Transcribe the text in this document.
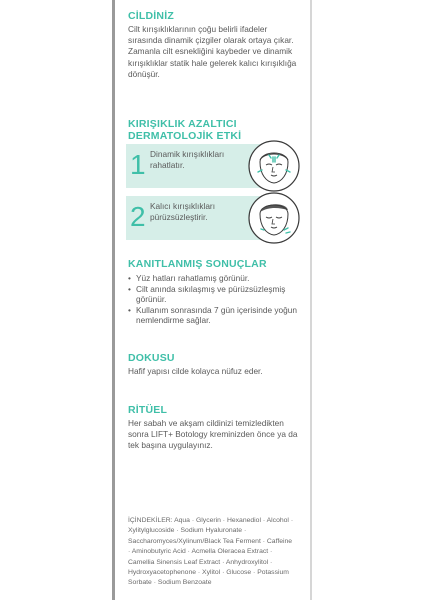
CİLDİNİZ

Cilt kırışıklıklarının çoğu belirli ifadeler sırasında dinamik çizgiler olarak ortaya çıkar. Zamanla cilt esnekliğini kaybeder ve dinamik kırışıklıklar statik hale gelerek kalıcı kırışıklığa dönüşür.

KIRIŞIKLIK AZALTICI
DERMATOLOJİK ETKİ
1 Dinamik kırışıklıkları rahatlatır.
2 Kalıcı kırışıklıkları pürüzsüzleştirir.
KANITLANMIŞ SONUÇLAR
• Yüz hatları rahatlamış görünür.
• Cilt anında sıkılaşmış ve pürüzsüzleşmiş görünür.
• Kullanım sonrasında 7 gün içerisinde yoğun nemlendirme sağlar.
DOKUSU

Hafif yapısı cilde kolayca nüfuz eder.

RİTÜEL

Her sabah ve akşam cildinizi temizledikten sonra LIFT+ Botology kreminizden önce ya da tek başına uygulayınız.

İÇİNDEKİLER: Aqua · Glycerin · Hexanediol · Alcohol · Xylitylglucoside · Sodium Hyaluronate · Saccharomyces/Xylinum/Black Tea Ferment · Caffeine · Aminobutyric Acid · Acmella Oleracea Extract · Camellia Sinensis Leaf Extract · Anhydroxylitol · Hydroxyacetophenone · Xylitol · Glucose · Potassium Sorbate · Sodium Benzoate
